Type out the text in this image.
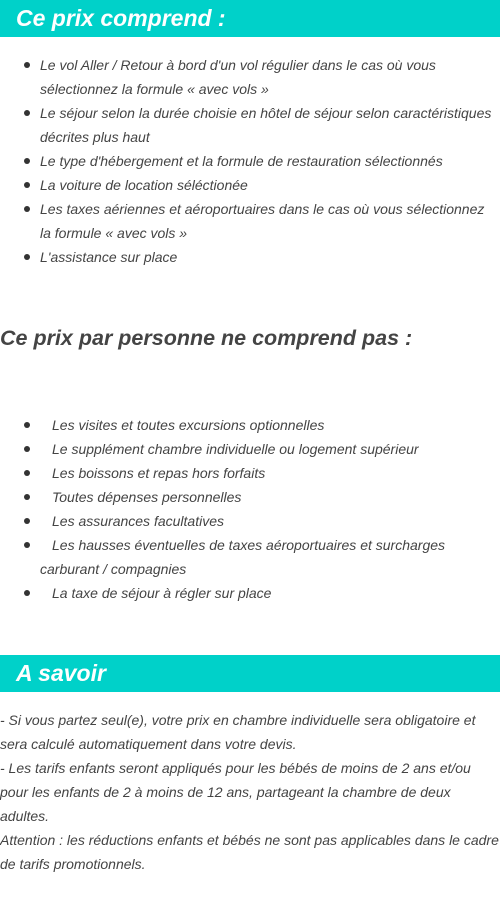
Ce prix comprend :
Le vol Aller / Retour à bord d'un vol régulier dans le cas où vous sélectionnez la formule « avec vols »
Le séjour selon la durée choisie en hôtel de séjour selon caractéristiques décrites plus haut
Le type d'hébergement et la formule de restauration sélectionnés
La voiture de location séléctionée
Les taxes aériennes et aéroportuaires dans le cas où vous sélectionnez la formule « avec vols »
L'assistance sur place
Ce prix par personne ne comprend pas :
Les visites et toutes excursions optionnelles
Le supplément chambre individuelle ou logement supérieur
Les boissons et repas hors forfaits
Toutes dépenses personnelles
Les assurances facultatives
Les hausses éventuelles de taxes aéroportuaires et surcharges carburant / compagnies
La taxe de séjour à régler sur place
A savoir

- Si vous partez seul(e), votre prix en chambre individuelle sera obligatoire et sera calculé automatiquement dans votre devis.

- Les tarifs enfants seront appliqués pour les bébés de moins de 2 ans et/ou pour les enfants de 2 à moins de 12 ans, partageant la chambre de deux adultes.

Attention : les réductions enfants et bébés ne sont pas applicables dans le cadre de tarifs promotionnels.
